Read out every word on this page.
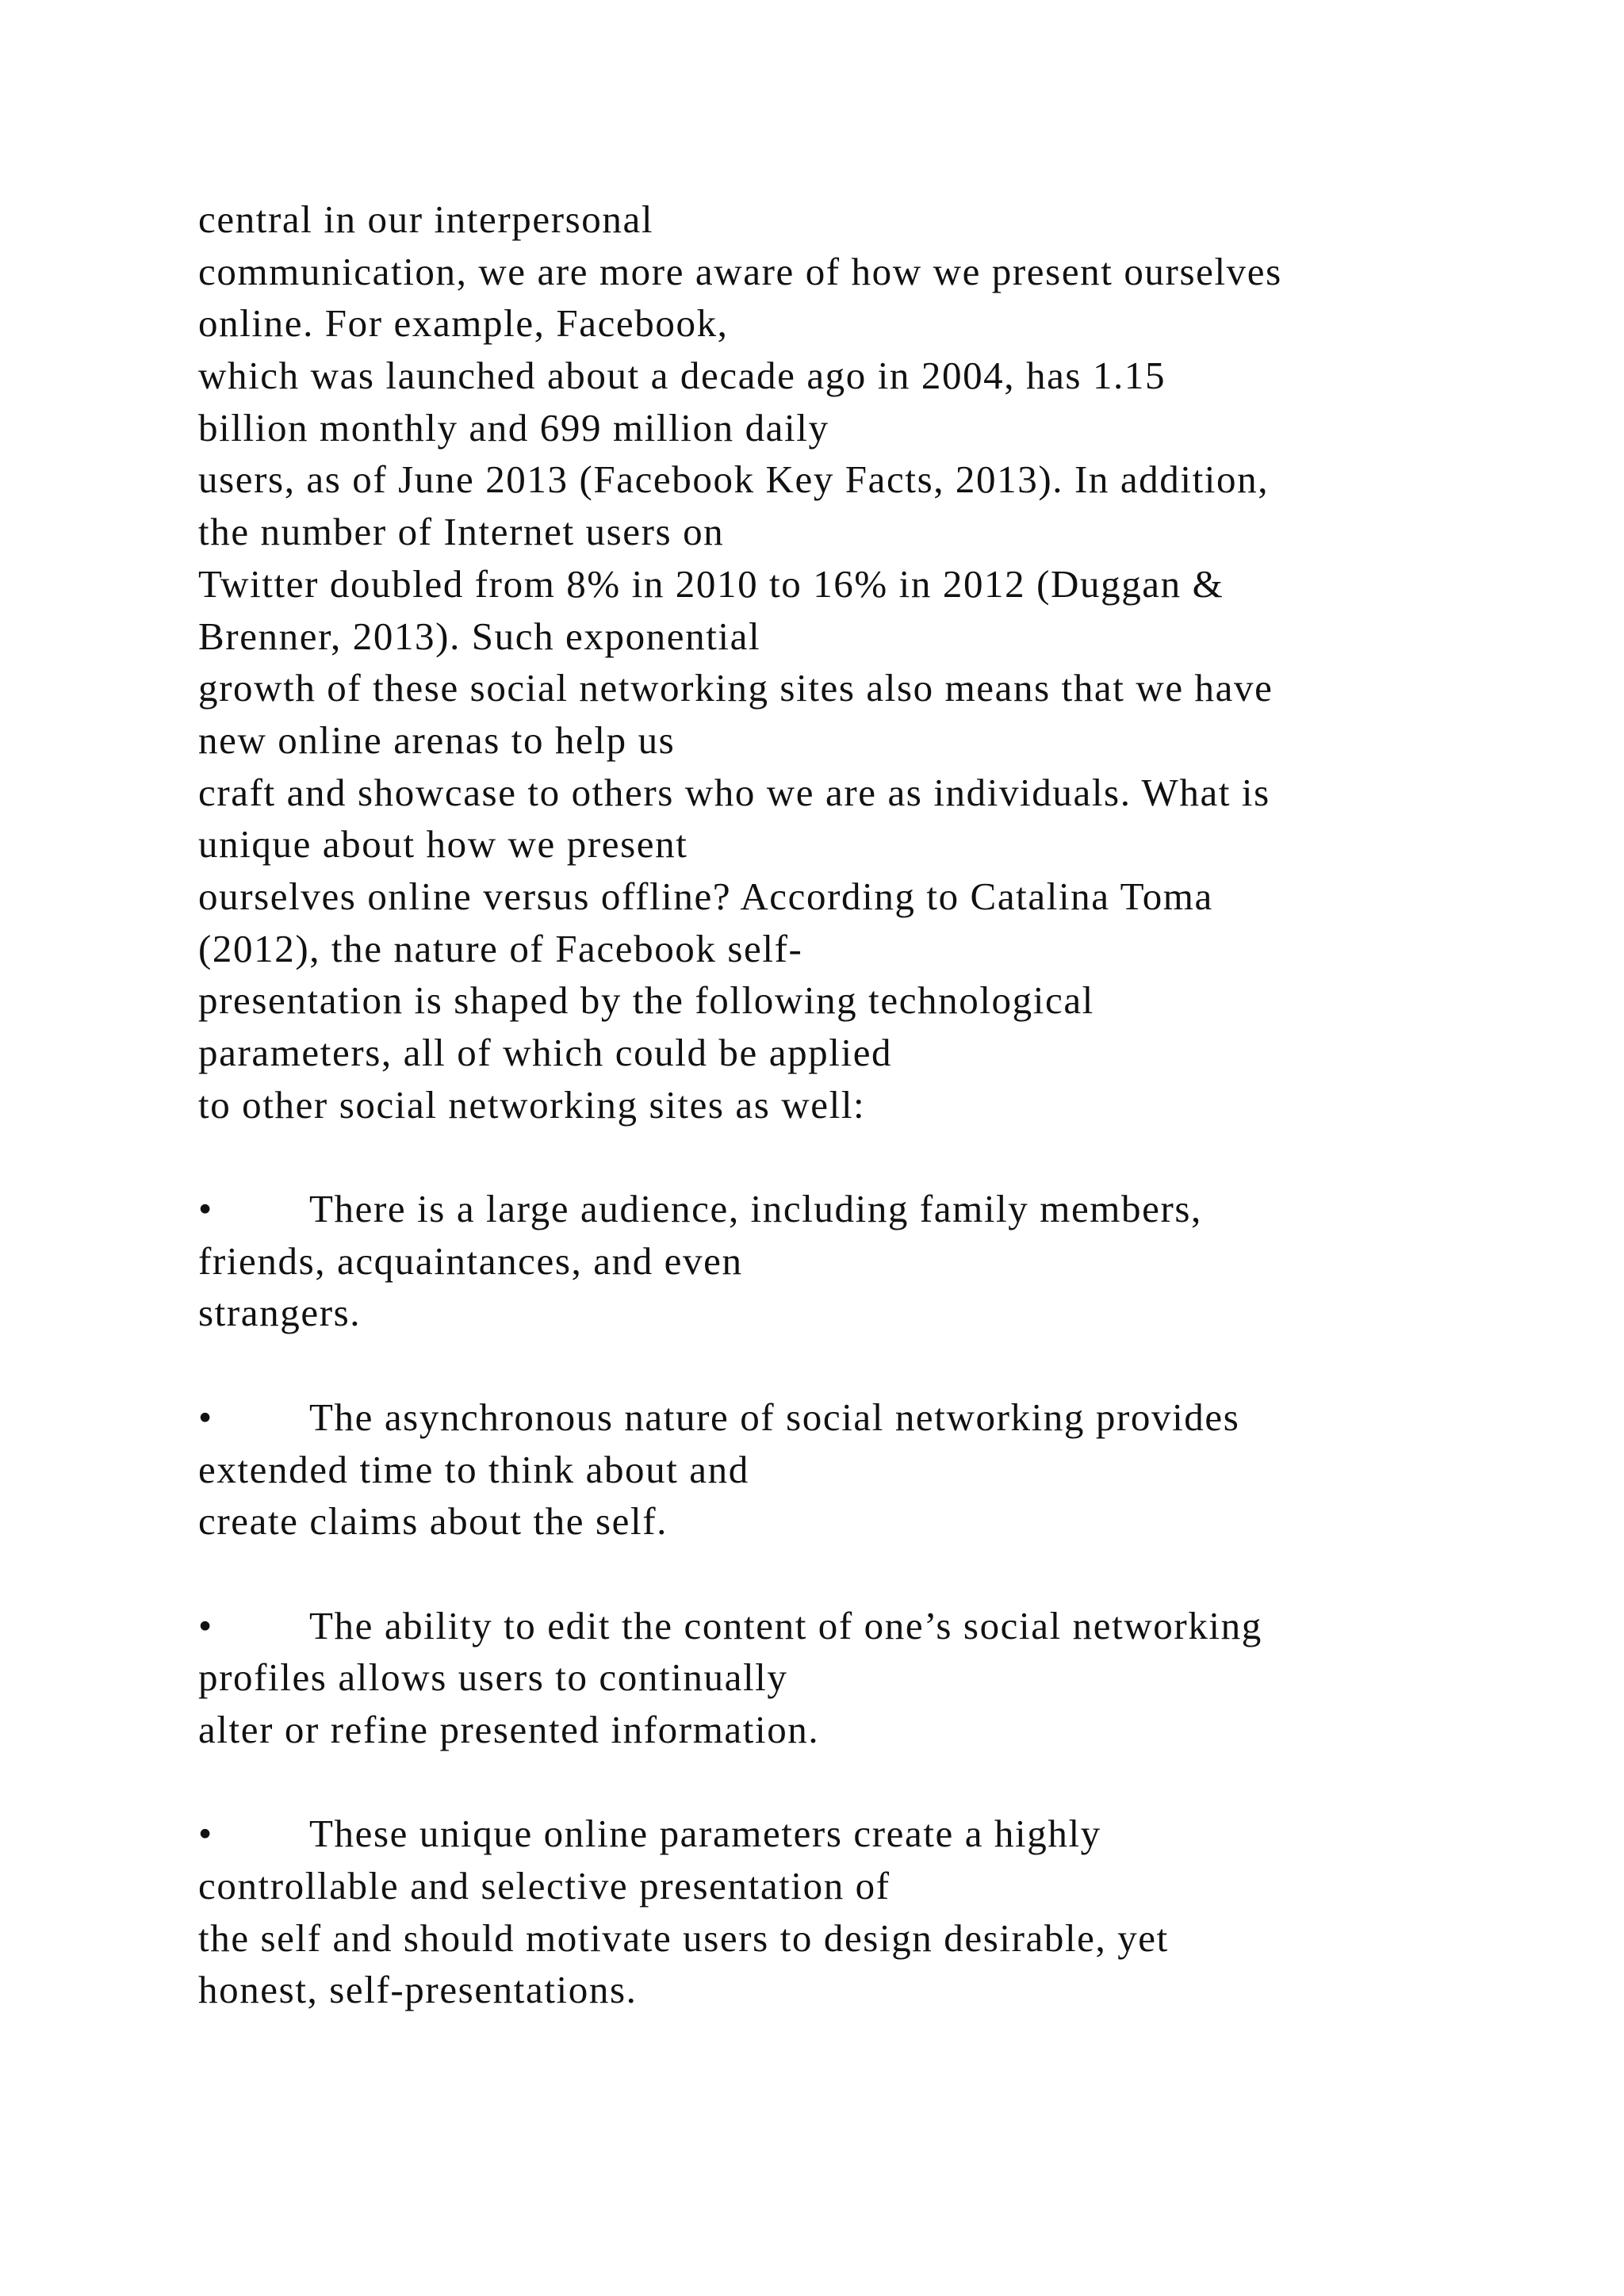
central in our interpersonal
communication, we are more aware of how we present ourselves
online. For example, Facebook,
which was launched about a decade ago in 2004, has 1.15
billion monthly and 699 million daily
users, as of June 2013 (Facebook Key Facts, 2013). In addition,
the number of Internet users on
Twitter doubled from 8% in 2010 to 16% in 2012 (Duggan &
Brenner, 2013). Such exponential
growth of these social networking sites also means that we have
new online arenas to help us
craft and showcase to others who we are as individuals. What is
unique about how we present
ourselves online versus offline? According to Catalina Toma
(2012), the nature of Facebook self-
presentation is shaped by the following technological
parameters, all of which could be applied
to other social networking sites as well:
• There is a large audience, including family members,
friends, acquaintances, and even
strangers.
• The asynchronous nature of social networking provides
extended time to think about and
create claims about the self.
• The ability to edit the content of one’s social networking
profiles allows users to continually
alter or refine presented information.
• These unique online parameters create a highly
controllable and selective presentation of
the self and should motivate users to design desirable, yet
honest, self-presentations.
